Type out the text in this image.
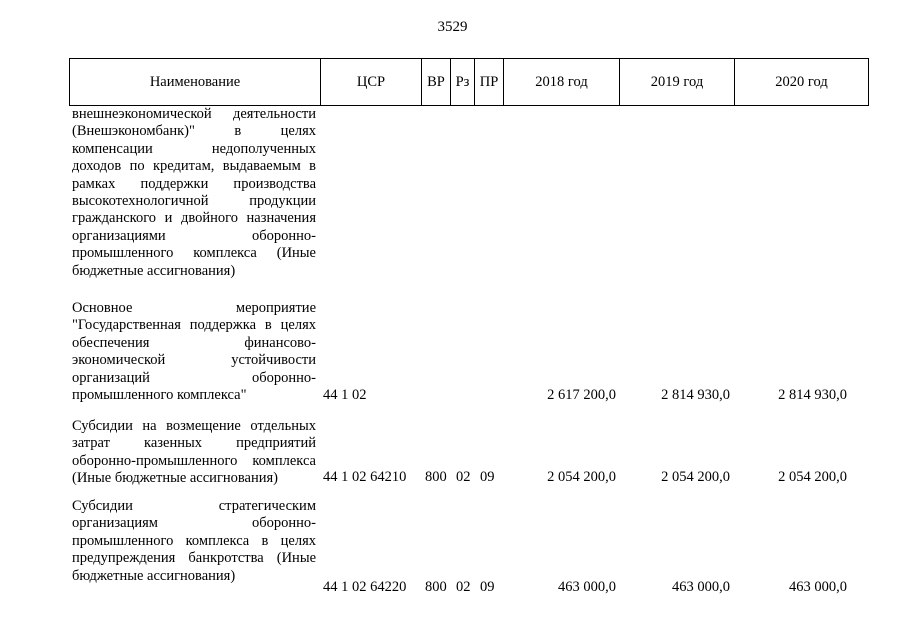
3529
Наименование	ЦСР	ВР Рз ПР	2018 год	2019 год	2020 год
внешнеэкономической деятельности
(Внешэкономбанк)" в целях
компенсации недополученных
доходов по кредитам, выдаваемым в
рамках поддержки производства
высокотехнологичной продукции
гражданского и двойного назначения
организациями оборонно-
промышленного комплекса (Иные
бюджетные ассигнования)
Основное мероприятие
"Государственная поддержка в целях
обеспечения финансово-
экономической устойчивости
организаций оборонно-
промышленного комплекса"	44 1 02	2 617 200,0	2 814 930,0	2 814 930,0
Субсидии на возмещение отдельных
затрат казенных предприятий
оборонно-промышленного комплекса
(Иные бюджетные ассигнования)	44 1 02 64210 800 02 09	2 054 200,0	2 054 200,0	2 054 200,0
Субсидии стратегическим
организациям оборонно-
промышленного комплекса в целях
предупреждения банкротства (Иные
бюджетные ассигнования)
44 1 02 64220 800 02 09	463 000,0	463 000,0	463 000,0
